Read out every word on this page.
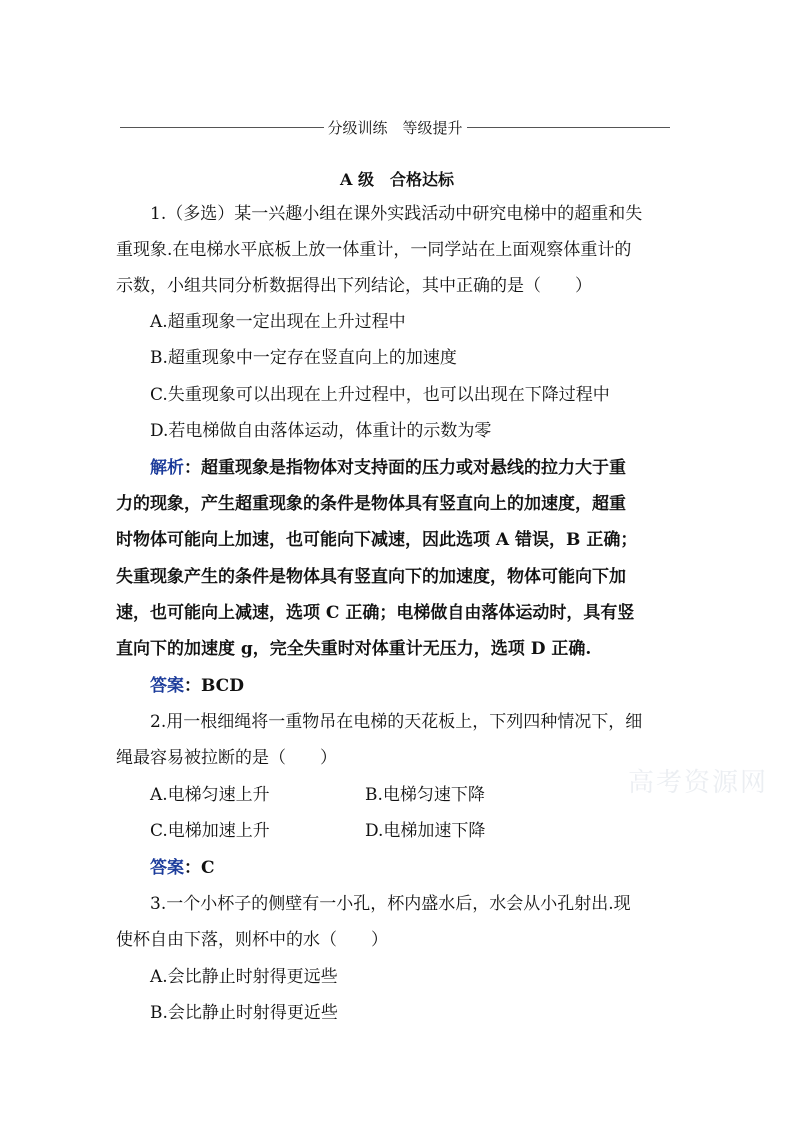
分级训练　等级提升
A 级　合格达标
1.（多选）某一兴趣小组在课外实践活动中研究电梯中的超重和失
重现象.在电梯水平底板上放一体重计，一同学站在上面观察体重计的
示数，小组共同分析数据得出下列结论，其中正确的是（　　）
A.超重现象一定出现在上升过程中
B.超重现象中一定存在竖直向上的加速度
C.失重现象可以出现在上升过程中，也可以出现在下降过程中
D.若电梯做自由落体运动，体重计的示数为零
解析：超重现象是指物体对支持面的压力或对悬线的拉力大于重
力的现象，产生超重现象的条件是物体具有竖直向上的加速度，超重
时物体可能向上加速，也可能向下减速，因此选项 A 错误，B 正确；
失重现象产生的条件是物体具有竖直向下的加速度，物体可能向下加
速，也可能向上减速，选项 C 正确；电梯做自由落体运动时，具有竖
直向下的加速度 g，完全失重时对体重计无压力，选项 D 正确.
答案：BCD
2.用一根细绳将一重物吊在电梯的天花板上，下列四种情况下，细
绳最容易被拉断的是（　　）
A.电梯匀速上升	B.电梯匀速下降
C.电梯加速上升	D.电梯加速下降
答案：C
3.一个小杯子的侧壁有一小孔，杯内盛水后，水会从小孔射出.现
使杯自由下落，则杯中的水（　　）
A.会比静止时射得更远些
B.会比静止时射得更近些
高考资源网
